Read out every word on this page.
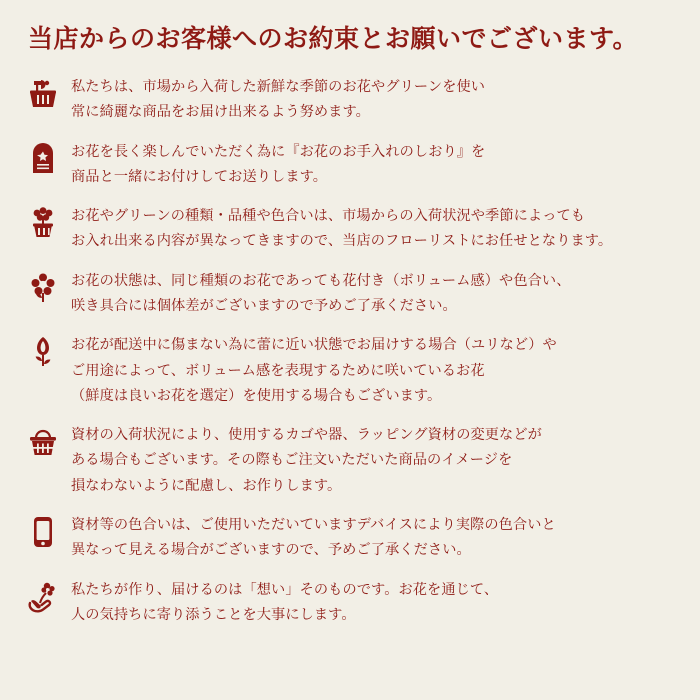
当店からのお客様へのお約束とお願いでございます。
私たちは、市場から入荷した新鮮な季節のお花やグリーンを使い
常に綺麗な商品をお届け出来るよう努めます。
お花を長く楽しんでいただく為に『お花のお手入れのしおり』を
商品と一緒にお付けしてお送りします。
お花やグリーンの種類・品種や色合いは、市場からの入荷状況や季節によっても
お入れ出来る内容が異なってきますので、当店のフローリストにお任せとなります。
お花の状態は、同じ種類のお花であっても花付き（ボリューム感）や色合い、
咲き具合には個体差がございますので予めご了承ください。
お花が配送中に傷まない為に蕾に近い状態でお届けする場合（ユリなど）や
ご用途によって、ボリューム感を表現するために咲いているお花
（鮮度は良いお花を選定）を使用する場合もございます。
資材の入荷状況により、使用するカゴや器、ラッピング資材の変更などが
ある場合もございます。その際もご注文いただいた商品のイメージを
損なわないように配慮し、お作りします。
資材等の色合いは、ご使用いただいていますデバイスにより実際の色合いと
異なって見える場合がございますので、予めご了承ください。
私たちが作り、届けるのは「想い」そのものです。お花を通じて、
人の気持ちに寄り添うことを大事にします。
